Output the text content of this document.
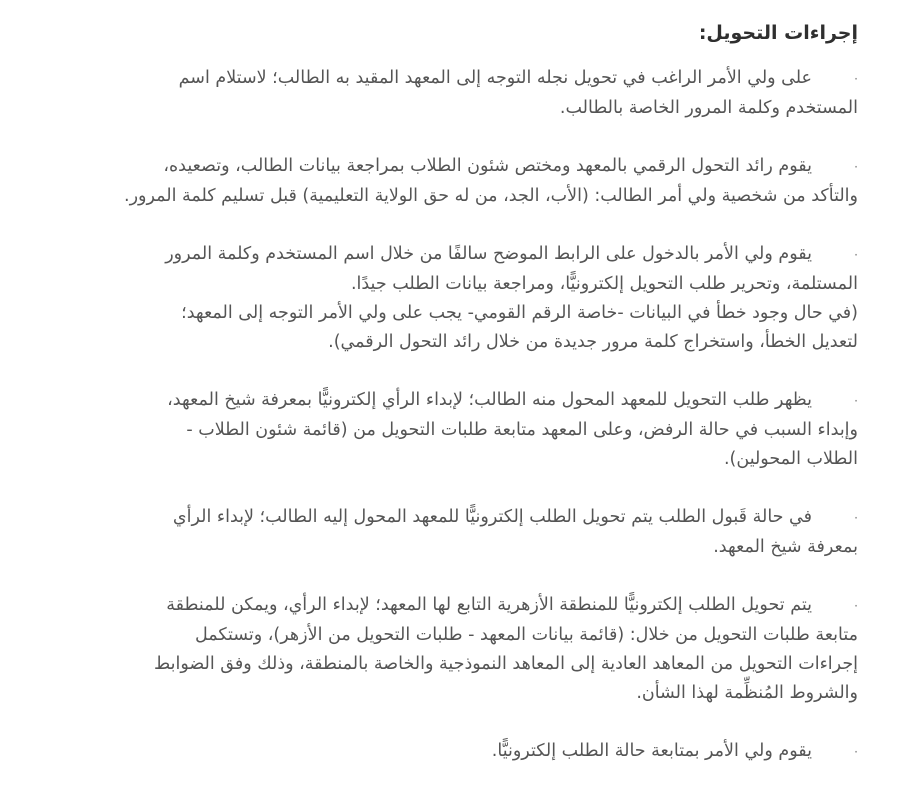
إجراءات التحويل:
·على ولي الأمر الراغب في تحويل نجله التوجه إلى المعهد المقيد به الطالب؛ لاستلام اسم
المستخدم وكلمة المرور الخاصة بالطالب.
·يقوم رائد التحول الرقمي بالمعهد ومختص شئون الطلاب بمراجعة بيانات الطالب، وتصعيده،
والتأكد من شخصية ولي أمر الطالب: (الأب، الجد، من له حق الولاية التعليمية) قبل تسليم كلمة المرور.
·يقوم ولي الأمر بالدخول على الرابط الموضح سالفًا من خلال اسم المستخدم وكلمة المرور
المستلمة، وتحرير طلب التحويل إلكترونيًّا، ومراجعة بيانات الطلب جيدًا.
(في حال وجود خطأ في البيانات -خاصة الرقم القومي- يجب على ولي الأمر التوجه إلى المعهد؛
لتعديل الخطأ، واستخراج كلمة مرور جديدة من خلال رائد التحول الرقمي).
·يظهر طلب التحويل للمعهد المحول منه الطالب؛ لإبداء الرأي إلكترونيًّا بمعرفة شيخ المعهد،
وإبداء السبب في حالة الرفض، وعلى المعهد متابعة طلبات التحويل من (قائمة شئون الطلاب -
الطلاب المحولين).
·في حالة قَبول الطلب يتم تحويل الطلب إلكترونيًّا للمعهد المحول إليه الطالب؛ لإبداء الرأي
بمعرفة شيخ المعهد.
·يتم تحويل الطلب إلكترونيًّا للمنطقة الأزهرية التابع لها المعهد؛ لإبداء الرأي، ويمكن للمنطقة
متابعة طلبات التحويل من خلال: (قائمة بيانات المعهد - طلبات التحويل من الأزهر)، وتستكمل
إجراءات التحويل من المعاهد العادية إلى المعاهد النموذجية والخاصة بالمنطقة، وذلك وفق الضوابط
والشروط المُنظِّمة لهذا الشأن.
·يقوم ولي الأمر بمتابعة حالة الطلب إلكترونيًّا.
